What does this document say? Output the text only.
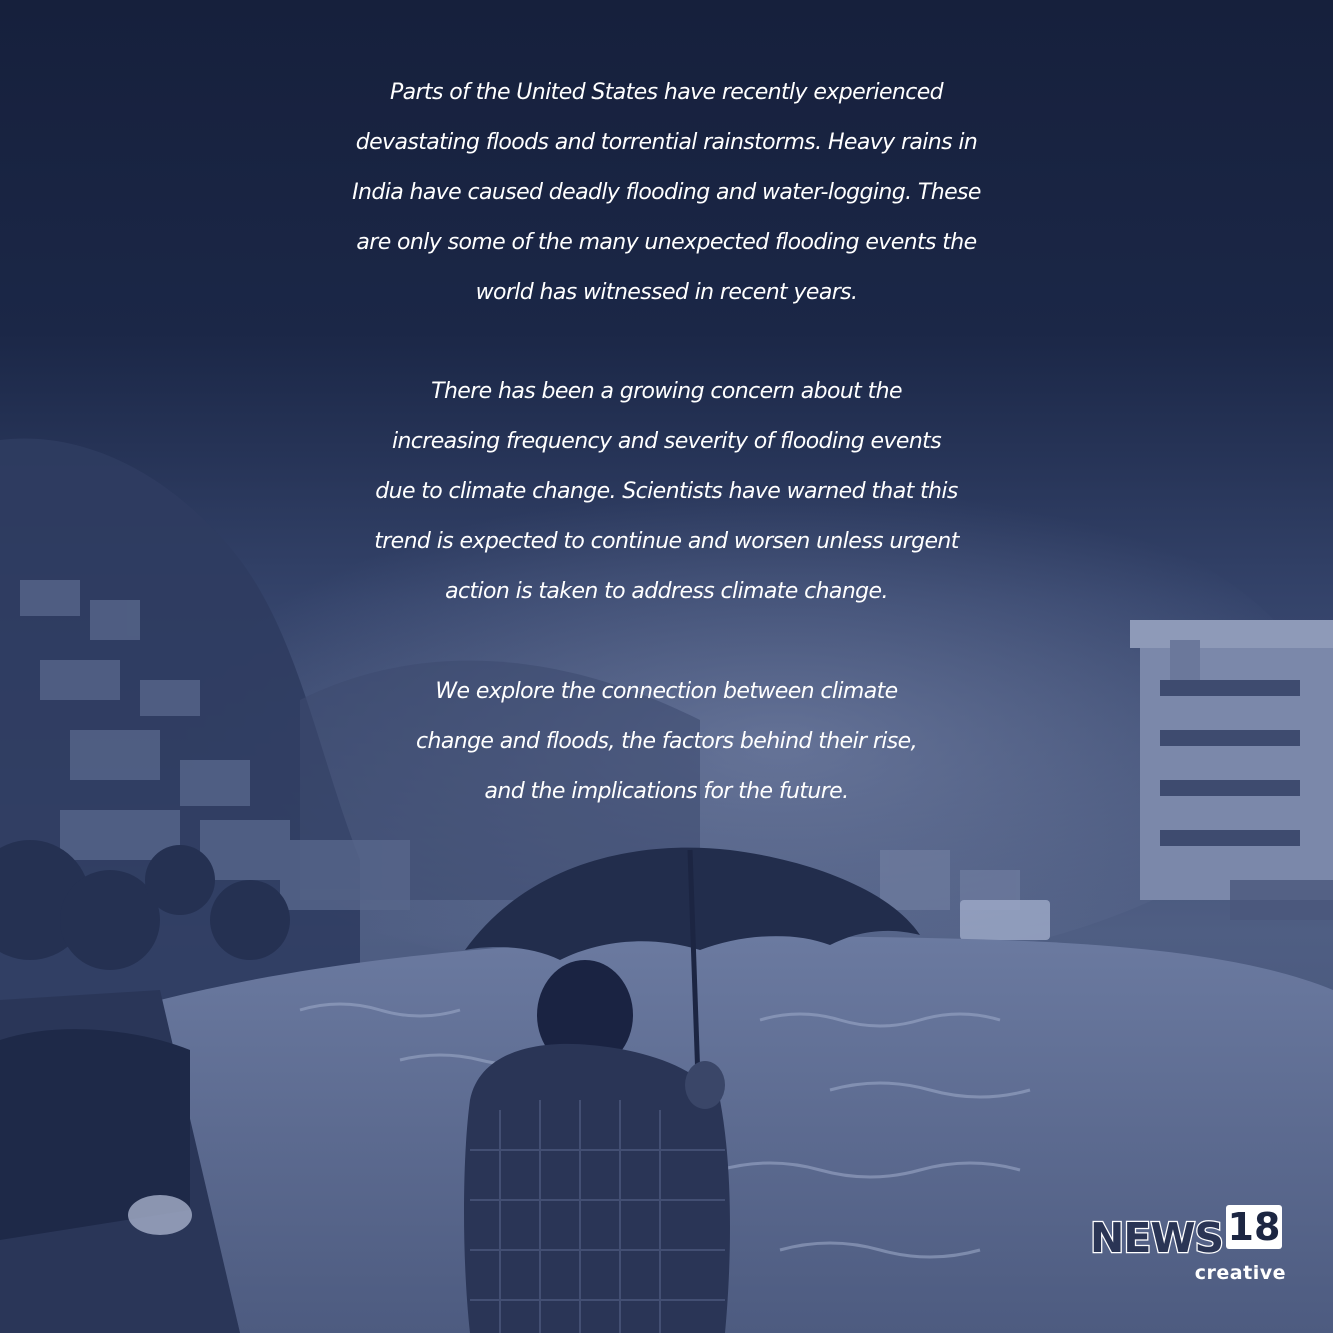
Parts of the United States have recently experienced
devastating floods and torrential rainstorms. Heavy rains in
India have caused deadly flooding and water-logging. These
are only some of the many unexpected flooding events the
world has witnessed in recent years.
There has been a growing concern about the
increasing frequency and severity of flooding events
due to climate change. Scientists have warned that this
trend is expected to continue and worsen unless urgent
action is taken to address climate change.
We explore the connection between climate
change and floods, the factors behind their rise,
and the implications for the future.
NEWS 18
creative
